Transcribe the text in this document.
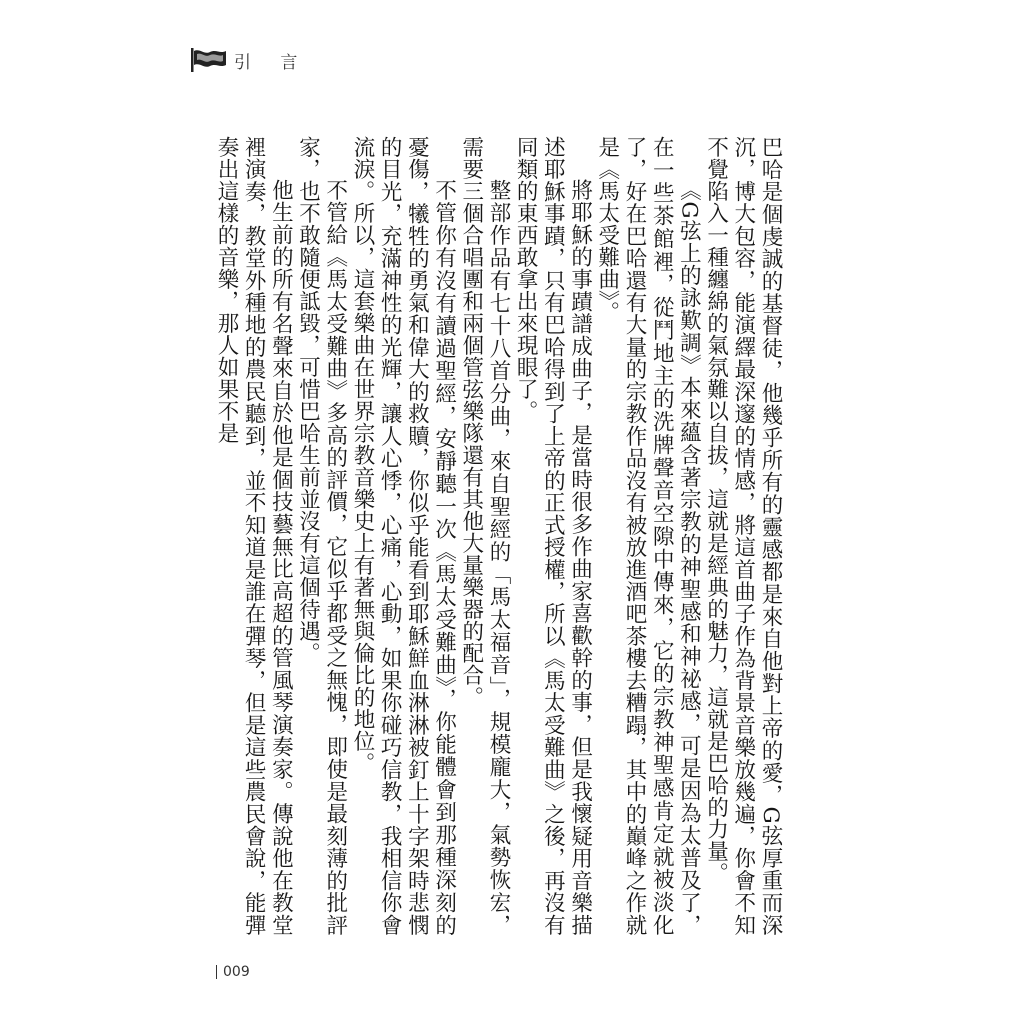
引 言

巴哈是個虔誠的基督徒，他幾乎所有的靈感都是來自他對上帝的愛，G弦厚重而深沉，博大包容，能演繹最深邃的情感，將這首曲子作為背景音樂放幾遍，你會不知不覺陷入一種纏綿的氣氛難以自拔，這就是經典的魅力，這就是巴哈的力量。

《G弦上的詠歎調》本來蘊含著宗教的神聖感和神祕感，可是因為太普及了，在一些茶館裡，從鬥地主的洗牌聲音空隙中傳來，它的宗教神聖感肯定就被淡化了，好在巴哈還有大量的宗教作品沒有被放進酒吧茶樓去糟蹋，其中的巔峰之作就是《馬太受難曲》。

將耶穌的事蹟譜成曲子，是當時很多作曲家喜歡幹的事，但是我懷疑用音樂描述耶穌事蹟，只有巴哈得到了上帝的正式授權，所以《馬太受難曲》之後，再沒有同類的東西敢拿出來現眼了。

整部作品有七十八首分曲，來自聖經的「馬太福音」，規模龐大，氣勢恢宏，需要三個合唱團和兩個管弦樂隊還有其他大量樂器的配合。

不管你有沒有讀過聖經，安靜聽一次《馬太受難曲》，你能體會到那種深刻的憂傷，犧牲的勇氣和偉大的救贖，你似乎能看到耶穌鮮血淋淋被釘上十字架時悲憫的目光，充滿神性的光輝，讓人心悸，心痛，心動，如果你碰巧信教，我相信你會流淚。所以，這套樂曲在世界宗教音樂史上有著無與倫比的地位。

不管給《馬太受難曲》多高的評價，它似乎都受之無愧，即使是最刻薄的批評家，也不敢隨便詆毀，可惜巴哈生前並沒有這個待遇。

他生前的所有名聲來自於他是個技藝無比高超的管風琴演奏家。傳說他在教堂裡演奏，教堂外種地的農民聽到，並不知道是誰在彈琴，但是這些農民會說，能彈奏出這樣的音樂，那人如果不是

009
